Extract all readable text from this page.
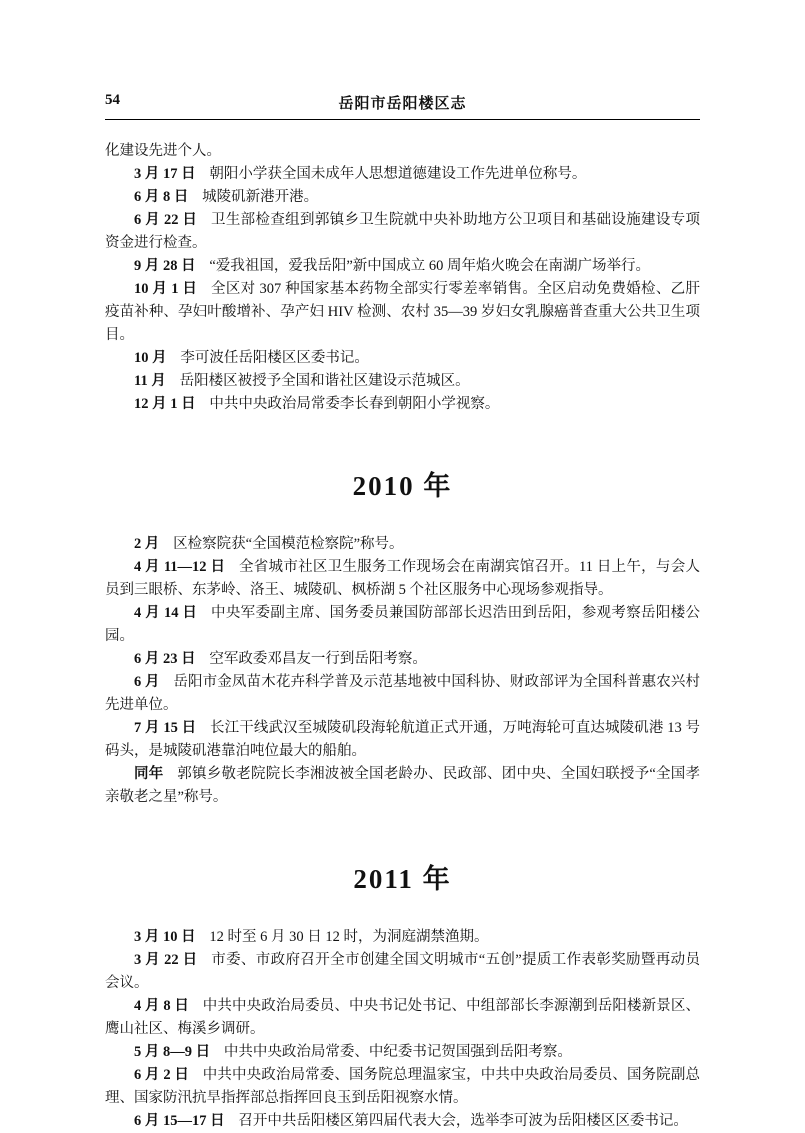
54	岳阳市岳阳楼区志

化建设先进个人。

3 月 17 日 朝阳小学获全国未成年人思想道德建设工作先进单位称号。

6 月 8 日 城陵矶新港开港。

6 月 22 日 卫生部检查组到郭镇乡卫生院就中央补助地方公卫项目和基础设施建设专项资金进行检查。

9 月 28 日 “爱我祖国，爱我岳阳”新中国成立 60 周年焰火晚会在南湖广场举行。

10 月 1 日 全区对 307 种国家基本药物全部实行零差率销售。全区启动免费婚检、乙肝疫苗补种、孕妇叶酸增补、孕产妇 HIV 检测、农村 35—39 岁妇女乳腺癌普查重大公共卫生项目。

10 月 李可波任岳阳楼区区委书记。

11 月 岳阳楼区被授予全国和谐社区建设示范城区。

12 月 1 日 中共中央政治局常委李长春到朝阳小学视察。

2010 年

2 月 区检察院获“全国模范检察院”称号。

4 月 11—12 日 全省城市社区卫生服务工作现场会在南湖宾馆召开。11 日上午，与会人员到三眼桥、东茅岭、洛王、城陵矶、枫桥湖 5 个社区服务中心现场参观指导。

4 月 14 日 中央军委副主席、国务委员兼国防部部长迟浩田到岳阳，参观考察岳阳楼公园。

6 月 23 日 空军政委邓昌友一行到岳阳考察。

6 月 岳阳市金凤苗木花卉科学普及示范基地被中国科协、财政部评为全国科普惠农兴村先进单位。

7 月 15 日 长江干线武汉至城陵矶段海轮航道正式开通，万吨海轮可直达城陵矶港 13 号码头，是城陵矶港靠泊吨位最大的船舶。

同年 郭镇乡敬老院院长李湘波被全国老龄办、民政部、团中央、全国妇联授予“全国孝亲敬老之星”称号。

2011 年

3 月 10 日 12 时至 6 月 30 日 12 时，为洞庭湖禁渔期。

3 月 22 日 市委、市政府召开全市创建全国文明城市“五创”提质工作表彰奖励暨再动员会议。

4 月 8 日 中共中央政治局委员、中央书记处书记、中组部部长李源潮到岳阳楼新景区、鹰山社区、梅溪乡调研。

5 月 8—9 日 中共中央政治局常委、中纪委书记贺国强到岳阳考察。

6 月 2 日 中共中央政治局常委、国务院总理温家宝，中共中央政治局委员、国务院副总理、国家防汛抗旱指挥部总指挥回良玉到岳阳视察水情。

6 月 15—17 日 召开中共岳阳楼区第四届代表大会，选举李可波为岳阳楼区区委书记。
